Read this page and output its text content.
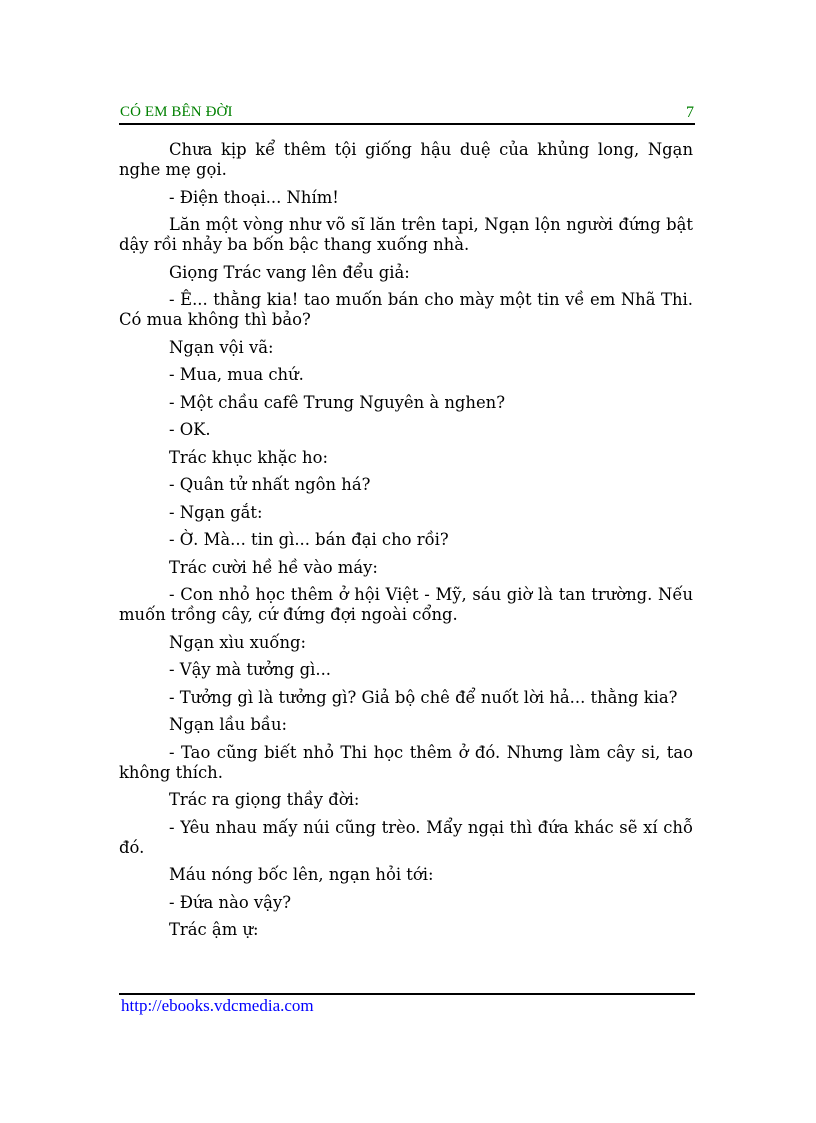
CÓ EM BÊN ĐỜI	7

Chưa kịp kể thêm tội giống hậu duệ của khủng long, Ngạn nghe mẹ gọi.

- Điện thoại... Nhím!

Lăn một vòng như võ sĩ lăn trên tapi, Ngạn lộn người đứng bật dậy rồi nhảy ba bốn bậc thang xuống nhà.

Giọng Trác vang lên đểu giả:

- Ê... thằng kia! tao muốn bán cho mày một tin về em Nhã Thi. Có mua không thì bảo?

Ngạn vội vã:

- Mua, mua chứ.

- Một chầu cafê Trung Nguyên à nghen?

- OK.

Trác khục khặc ho:

- Quân tử nhất ngôn há?

- Ngạn gắt:

- Ờ. Mà... tin gì... bán đại cho rồi?

Trác cười hề hề vào máy:

- Con nhỏ học thêm ở hội Việt - Mỹ, sáu giờ là tan trường. Nếu muốn trồng cây, cứ đứng đợi ngoài cổng.

Ngạn xìu xuống:

- Vậy mà tưởng gì...

- Tưởng gì là tưởng gì? Giả bộ chê để nuốt lời hả... thằng kia?

Ngạn lầu bầu:

- Tao cũng biết nhỏ Thi học thêm ở đó. Nhưng làm cây si, tao không thích.

Trác ra giọng thầy đời:

- Yêu nhau mấy núi cũng trèo. Mẩy ngại thì đứa khác sẽ xí chỗ đó.

Máu nóng bốc lên, ngạn hỏi tới:

- Đứa nào vậy?

Trác ậm ự:

http://ebooks.vdcmedia.com
